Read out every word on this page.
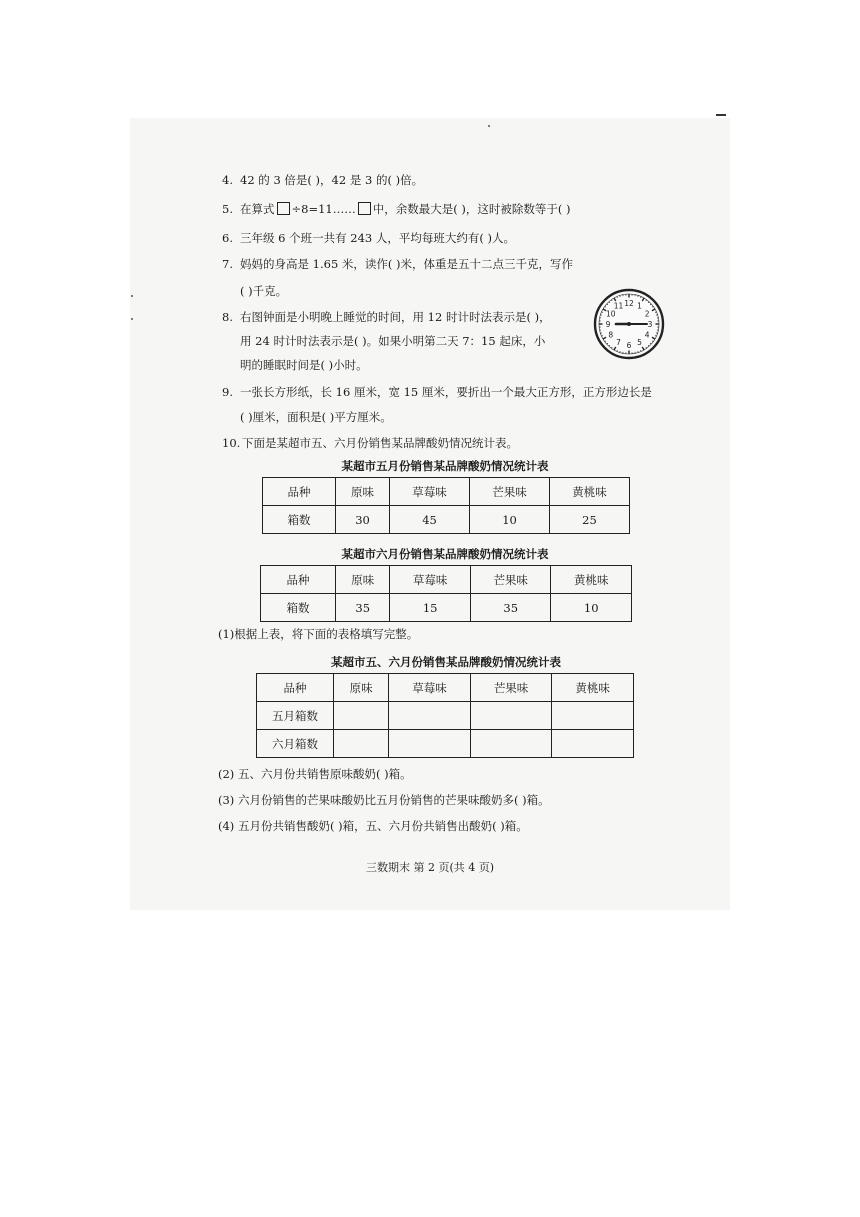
4. 42 的 3 倍是( )，42 是 3 的( )倍。
5. 在算式 ÷8=11…… 中，余数最大是( )，这时被除数等于( )
6. 三年级 6 个班一共有 243 人，平均每班大约有( )人。
7. 妈妈的身高是 1.65 米，读作( )米，体重是五十二点三千克，写作
( )千克。
8. 右图钟面是小明晚上睡觉的时间，用 12 时计时法表示是( )，
用 24 时计时法表示是( )。如果小明第二天 7：15 起床，小
明的睡眠时间是( )小时。
12 1
2
3
4
5
6
7
8
9
10
11
9. 一张长方形纸，长 16 厘米，宽 15 厘米，要折出一个最大正方形，正方形边长是
( )厘米，面积是( )平方厘米。
10. 下面是某超市五、六月份销售某品牌酸奶情况统计表。
某超市五月份销售某品牌酸奶情况统计表
品种	原味	草莓味	芒果味	黄桃味
箱数	30	45	10	25
某超市六月份销售某品牌酸奶情况统计表
品种	原味	草莓味	芒果味	黄桃味
箱数	35	15	35	10
(1)根据上表，将下面的表格填写完整。
某超市五、六月份销售某品牌酸奶情况统计表
品种	原味	草莓味	芒果味	黄桃味
五月箱数				
六月箱数				
(2) 五、六月份共销售原味酸奶( )箱。
(3) 六月份销售的芒果味酸奶比五月份销售的芒果味酸奶多( )箱。
(4) 五月份共销售酸奶( )箱，五、六月份共销售出酸奶( )箱。
三数期末 第 2 页(共 4 页)
